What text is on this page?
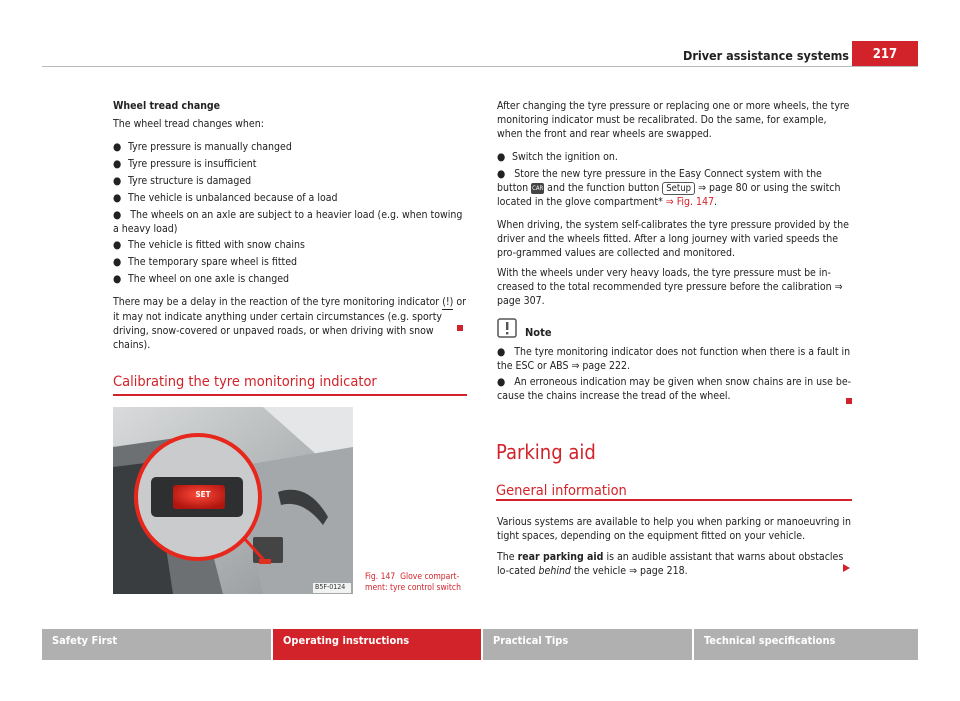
Driver assistance systems	217
Wheel tread change
The wheel tread changes when:
● Tyre pressure is manually changed
● Tyre pressure is insufficient
● Tyre structure is damaged
● The vehicle is unbalanced because of a load
● The wheels on an axle are subject to a heavier load (e.g. when towing a heavy load)
● The vehicle is fitted with snow chains
● The temporary spare wheel is fitted
● The wheel on one axle is changed
There may be a delay in the reaction of the tyre monitoring indicator (!) or it may not indicate anything under certain circumstances (e.g. sporty driving, snow-covered or unpaved roads, or when driving with snow chains).
Calibrating the tyre monitoring indicator
SET
B5F-0124
Fig. 147 Glove compart-ment: tyre control switch
After changing the tyre pressure or replacing one or more wheels, the tyre monitoring indicator must be recalibrated. Do the same, for example, when the front and rear wheels are swapped.
● Switch the ignition on.
● Store the new tyre pressure in the Easy Connect system with the button CAR and the function button Setup ⇒ page 80 or using the switch located in the glove compartment* ⇒ Fig. 147.
When driving, the system self-calibrates the tyre pressure provided by the driver and the wheels fitted. After a long journey with varied speeds the pro-grammed values are collected and monitored.
With the wheels under very heavy loads, the tyre pressure must be in-creased to the total recommended tyre pressure before the calibration ⇒ page 307.
Note
● The tyre monitoring indicator does not function when there is a fault in the ESC or ABS ⇒ page 222.
● An erroneous indication may be given when snow chains are in use be-cause the chains increase the tread of the wheel.
Parking aid
General information
Various systems are available to help you when parking or manoeuvring in tight spaces, depending on the equipment fitted on your vehicle.
The rear parking aid is an audible assistant that warns about obstacles lo-cated behind the vehicle ⇒ page 218.
Safety First	Operating instructions	Practical Tips	Technical specifications
